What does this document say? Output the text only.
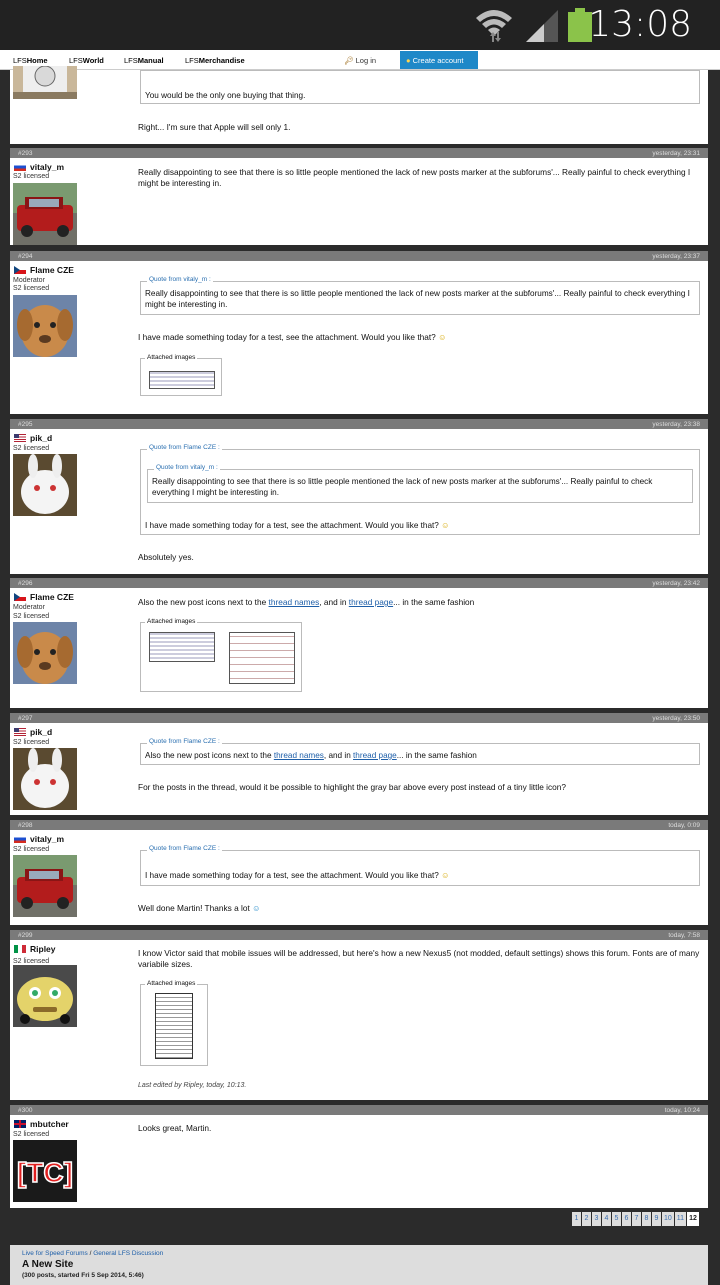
13:08
LFSHome	LFSWorld	LFSManual	LFSMerchandise	🔑︎ Log in	● Create account
You would be the only one buying that thing.
Right... I'm sure that Apple will sell only 1.
#293	yesterday, 23:31
vitaly_m
S2 licensed	Really disappointing to see that there is so little people mentioned the lack of new posts marker at the subforums'... Really painful to check everything I might be interesting in.
#294	yesterday, 23:37
Flame CZE
Moderator
S2 licensed
Quote from vitaly_m :
Really disappointing to see that there is so little people mentioned the lack of new posts marker at the subforums'... Really painful to check everything I might be interesting in.
I have made something today for a test, see the attachment. Would you like that? ☺
Attached images
#295	yesterday, 23:38
pik_d
S2 licensed	Quote from Flame CZE :
Quote from vitaly_m :
Really disappointing to see that there is so little people mentioned the lack of new posts marker at the subforums'... Really painful to check everything I might be interesting in.
I have made something today for a test, see the attachment. Would you like that? ☺
Absolutely yes.
#296	yesterday, 23:42
Flame CZE
Moderator
S2 licensed
Also the new post icons next to the thread names, and in thread page... in the same fashion
Attached images
#297	yesterday, 23:50
pik_d
S2 licensed	Quote from Flame CZE :
Also the new post icons next to the thread names, and in thread page... in the same fashion
For the posts in the thread, would it be possible to highlight the gray bar above every post instead of a tiny little icon?
#298	today, 0:09
vitaly_m
S2 licensed	Quote from Flame CZE :
I have made something today for a test, see the attachment. Would you like that? ☺
Well done Martin! Thanks a lot ☺
#299	today, 7:58
Ripley
S2 licensed
I know Victor said that mobile issues will be addressed, but here's how a new Nexus5 (not modded, default settings) shows this forum. Fonts are of many variabile sizes.
Attached images
Last edited by Ripley, today, 10:13.
#300	today, 10:24
mbutcher
S2 licensed
[TC]
Looks great, Martin.
1 2 3 4 5 6 7 8 9 10 11 12
Live for Speed Forums / General LFS Discussion
A New Site
(300 posts, started Fri 5 Sep 2014, 5:46)
